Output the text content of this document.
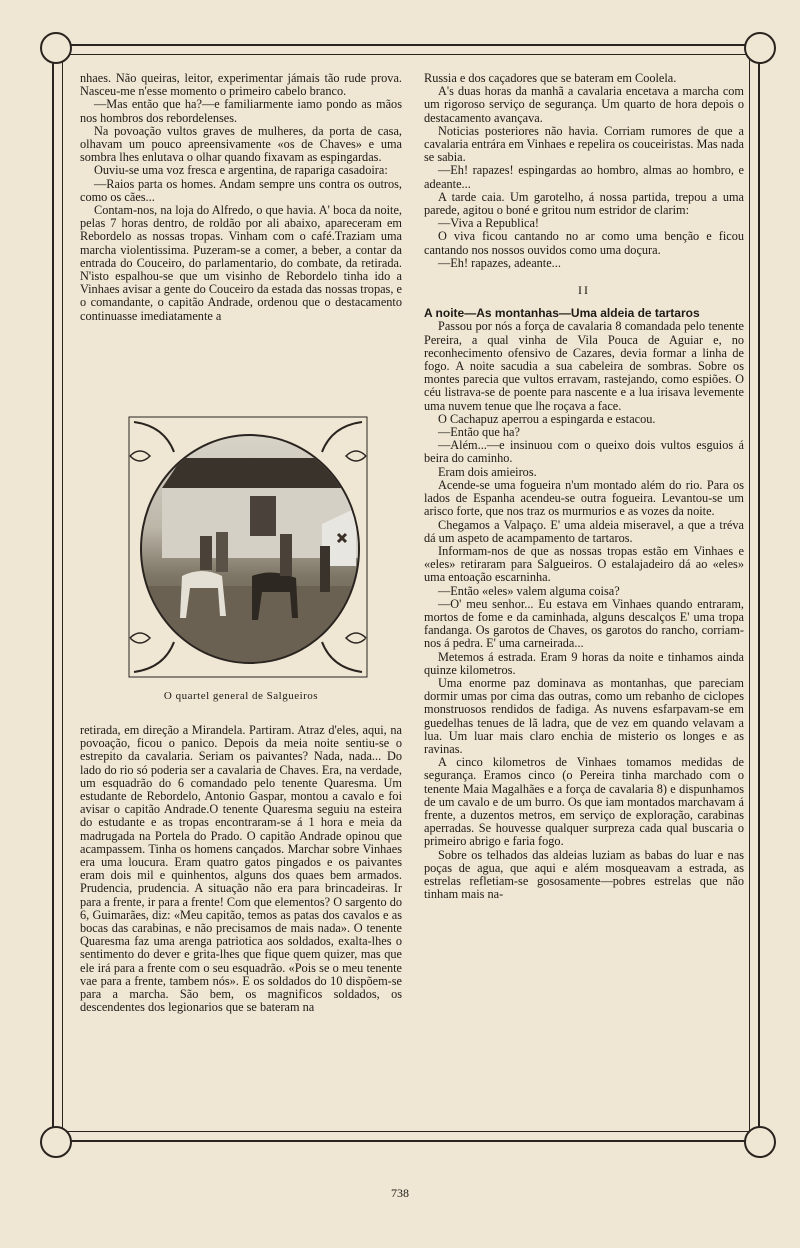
nhaes. Não queiras, leitor, experimentar jámais tão rude prova. Nasceu-me n'esse momento o primeiro cabelo branco.

—Mas então que ha?—e familiarmente iamo pondo as mãos nos hombros dos rebordelenses.

Na povoação vultos graves de mulheres, da porta de casa, olhavam um pouco apreensivamente «os de Chaves» e uma sombra lhes enlutava o olhar quando fixavam as espingardas.

Ouviu-se uma voz fresca e argentina, de rapariga casadoira:

—Raios parta os homes. Andam sempre uns contra os outros, como os cães...

Contam-nos, na loja do Alfredo, o que havia. A' boca da noite, pelas 7 horas dentro, de roldão por ali abaixo, apareceram em Rebordelo as nossas tropas. Vinham com o café.Traziam uma marcha violentissima. Puzeram-se a comer, a beber, a contar da entrada do Couceiro, do parlamentario, do combate, da retirada. N'isto espalhou-se que um visinho de Rebordelo tinha ido a Vinhaes avisar a gente do Couceiro da estada das nossas tropas, e o comandante, o capitão Andrade, ordenou que o destacamento continuasse imediatamente a

O quartel general de Salgueiros

retirada, em direção a Mirandela. Partiram. Atraz d'eles, aqui, na povoação, ficou o panico. Depois da meia noite sentiu-se o estrepito da cavalaria. Seriam os paivantes? Nada, nada... Do lado do rio só poderia ser a cavalaria de Chaves. Era, na verdade, um esquadrão do 6 comandado pelo tenente Quaresma. Um estudante de Rebordelo, Antonio Gaspar, montou a cavalo e foi avisar o capitão Andrade.O tenente Quaresma seguiu na esteira do estudante e as tropas encontraram-se á 1 hora e meia da madrugada na Portela do Prado. O capitão Andrade opinou que acampassem. Tinha os homens cançados. Marchar sobre Vinhaes era uma loucura. Eram quatro gatos pingados e os paivantes eram dois mil e quinhentos, alguns dos quaes bem armados. Prudencia, prudencia. A situação não era para brincadeiras. Ir para a frente, ir para a frente! Com que elementos? O sargento do 6, Guimarães, diz: «Meu capitão, temos as patas dos cavalos e as bocas das carabinas, e não precisamos de mais nada». O tenente Quaresma faz uma arenga patriotica aos soldados, exalta-lhes o sentimento do dever e grita-lhes que fique quem quizer, mas que ele irá para a frente com o seu esquadrão. «Pois se o meu tenente vae para a frente, tambem nós». E os soldados do 10 dispõem-se para a marcha. São bem, os magnificos soldados, os descendentes dos legionarios que se bateram na

Russia e dos caçadores que se bateram em Coolela.

A's duas horas da manhã a cavalaria encetava a marcha com um rigoroso serviço de segurança. Um quarto de hora depois o destacamento avançava.

Noticias posteriores não havia. Corriam rumores de que a cavalaria entrára em Vinhaes e repelira os couceiristas. Mas nada se sabia.

—Eh! rapazes! espingardas ao hombro, almas ao hombro, e adeante...

A tarde caia. Um garotelho, á nossa partida, trepou a uma parede, agitou o boné e gritou num estridor de clarim:

—Viva a Republica!

O viva ficou cantando no ar como uma benção e ficou cantando nos nossos ouvidos como uma doçura.

—Eh! rapazes, adeante...

II

A noite—As montanhas—Uma aldeia de tartaros

Passou por nós a força de cavalaria 8 comandada pelo tenente Pereira, a qual vinha de Vila Pouca de Aguiar e, no reconhecimento ofensivo de Cazares, devia formar a linha de fogo. A noite sacudia a sua cabeleira de sombras. Sobre os montes parecia que vultos erravam, rastejando, como espiões. O céu listrava-se de poente para nascente e a lua irisava levemente uma nuvem tenue que lhe roçava a face.

O Cachapuz aperrou a espingarda e estacou.

—Então que ha?

—Além...—e insinuou com o queixo dois vultos esguios á beira do caminho.

Eram dois amieiros.

Acende-se uma fogueira n'um montado além do rio. Para os lados de Espanha acendeu-se outra fogueira. Levantou-se um arisco forte, que nos traz os murmurios e as vozes da noite.

Chegamos a Valpaço. E' uma aldeia miseravel, a que a tréva dá um aspeto de acampamento de tartaros.

Informam-nos de que as nossas tropas estão em Vinhaes e «eles» retiraram para Salgueiros. O estalajadeiro dá ao «eles» uma entoação escarninha.

—Então «eles» valem alguma coisa?

—O' meu senhor... Eu estava em Vinhaes quando entraram, mortos de fome e da caminhada, alguns descalços E' uma tropa fandanga. Os garotos de Chaves, os garotos do rancho, corriam-nos á pedra. E' uma carneirada...

Metemos á estrada. Eram 9 horas da noite e tinhamos ainda quinze kilometros.

Uma enorme paz dominava as montanhas, que pareciam dormir umas por cima das outras, como um rebanho de ciclopes monstruosos rendidos de fadiga. As nuvens esfarpavam-se em guedelhas tenues de lã ladra, que de vez em quando velavam a lua. Um luar mais claro enchia de misterio os longes e as ravinas.

A cinco kilometros de Vinhaes tomamos medidas de segurança. Eramos cinco (o Pereira tinha marchado com o tenente Maia Magalhães e a força de cavalaria 8) e dispunhamos de um cavalo e de um burro. Os que iam montados marchavam á frente, a duzentos metros, em serviço de exploração, carabinas aperradas. Se houvesse qualquer surpreza cada qual buscaria o primeiro abrigo e faria fogo.

Sobre os telhados das aldeias luziam as babas do luar e nas poças de agua, que aqui e além mosqueavam a estrada, as estrelas refletiam-se gososamente—pobres estrelas que não tinham mais na-

738
